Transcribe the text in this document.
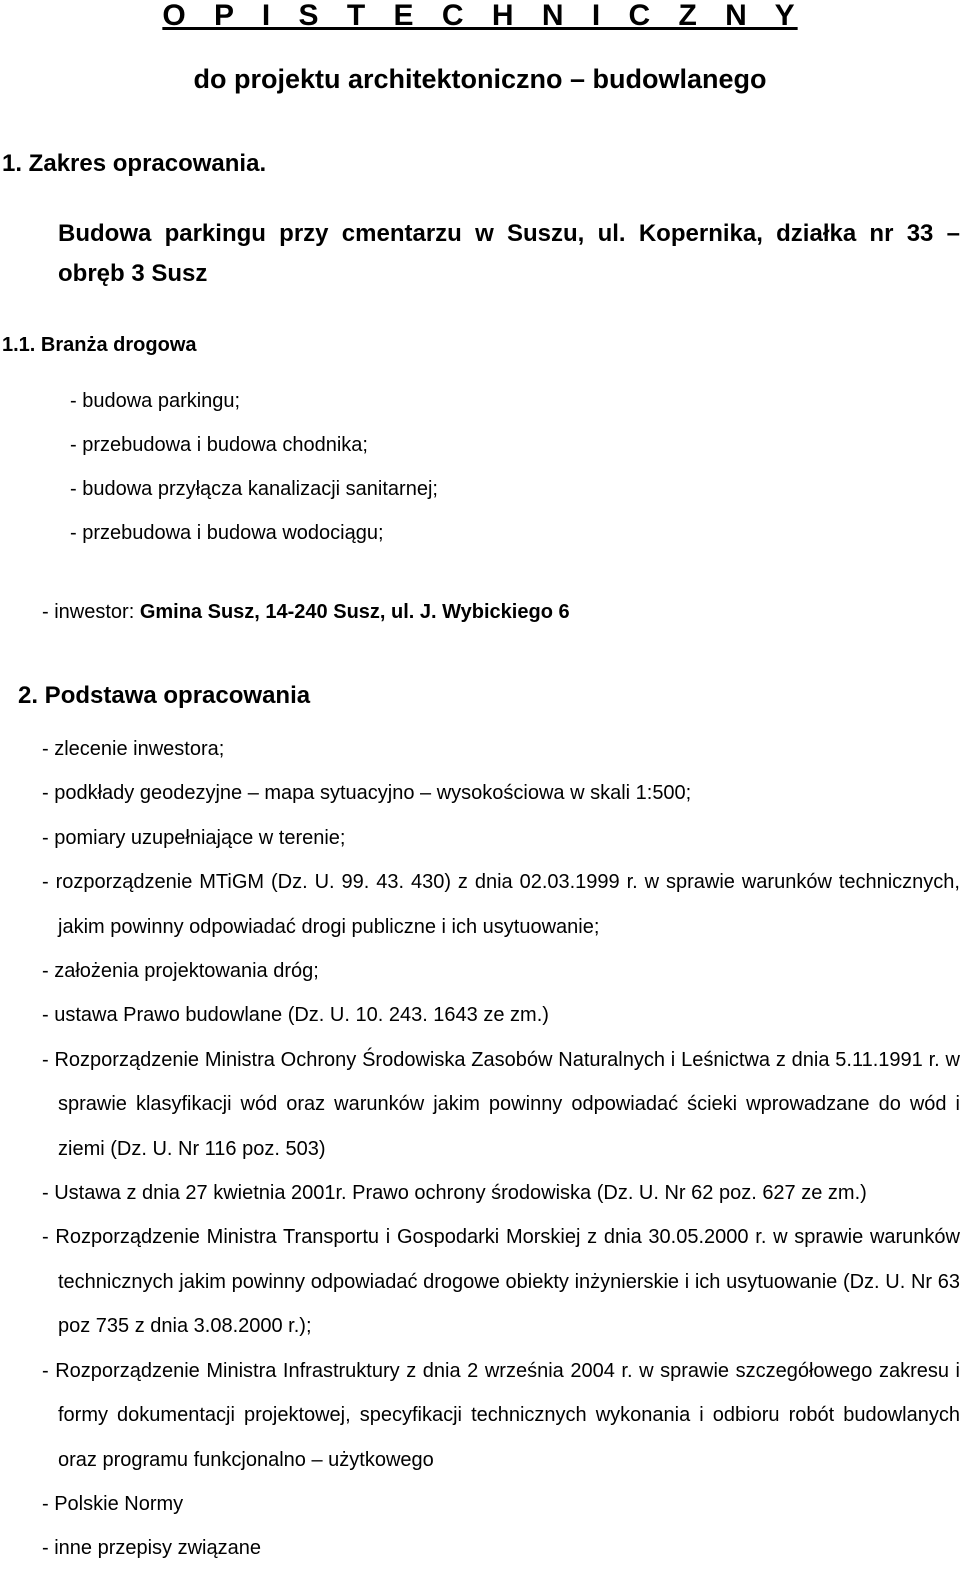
O P I S T E C H N I C Z N Y
do projektu architektoniczno – budowlanego
1. Zakres opracowania.
Budowa parkingu przy cmentarzu w Suszu, ul. Kopernika, działka nr 33 – obręb 3 Susz
1.1. Branża drogowa
- budowa parkingu;
- przebudowa i budowa chodnika;
- budowa przyłącza kanalizacji sanitarnej;
- przebudowa i budowa wodociągu;
- inwestor: Gmina Susz, 14-240 Susz, ul. J. Wybickiego 6
2. Podstawa opracowania
- zlecenie inwestora;
- podkłady geodezyjne – mapa sytuacyjno – wysokościowa w skali 1:500;
- pomiary uzupełniające w terenie;
- rozporządzenie MTiGM (Dz. U. 99. 43. 430) z dnia 02.03.1999 r. w sprawie warunków technicznych, jakim powinny odpowiadać drogi publiczne i ich usytuowanie;
- założenia projektowania dróg;
- ustawa Prawo budowlane (Dz. U. 10. 243. 1643 ze zm.)
- Rozporządzenie Ministra Ochrony Środowiska Zasobów Naturalnych i Leśnictwa z dnia 5.11.1991 r. w sprawie klasyfikacji wód oraz warunków jakim powinny odpowiadać ścieki wprowadzane do wód i ziemi (Dz. U. Nr 116 poz. 503)
- Ustawa z dnia 27 kwietnia 2001r. Prawo ochrony środowiska (Dz. U. Nr 62 poz. 627 ze zm.)
- Rozporządzenie Ministra Transportu i Gospodarki Morskiej z dnia 30.05.2000 r. w sprawie warunków technicznych jakim powinny odpowiadać drogowe obiekty inżynierskie i ich usytuowanie (Dz. U. Nr 63 poz 735 z dnia 3.08.2000 r.);
- Rozporządzenie Ministra Infrastruktury z dnia 2 września 2004 r. w sprawie szczegółowego zakresu i formy dokumentacji projektowej, specyfikacji technicznych wykonania i odbioru robót budowlanych oraz programu funkcjonalno – użytkowego
- Polskie Normy
- inne przepisy związane
